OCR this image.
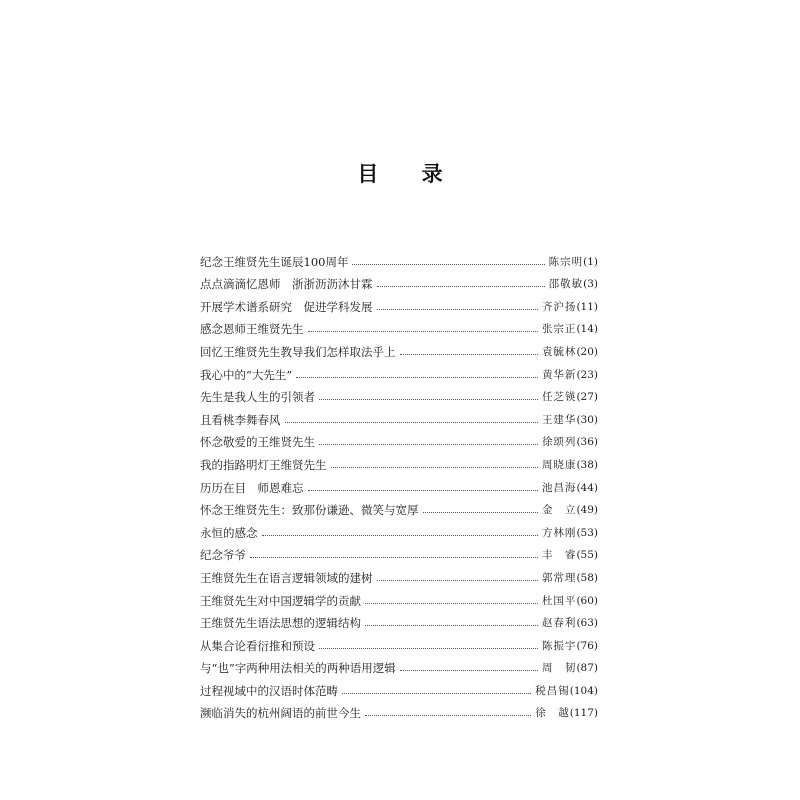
目 录
纪念王维贤先生诞辰100周年	陈宗明 (1)
点点滴滴忆恩师　浙浙沥沥沐甘霖	邵敬敏 (3)
开展学术谱系研究　促进学科发展	齐沪扬 (11)
感念恩师王维贤先生	张宗正 (14)
回忆王维贤先生教导我们怎样取法乎上	袁毓林 (20)
我心中的“大先生”	黄华新 (23)
先生是我人生的引领者	任芝锳 (27)
且看桃李舞春风	王建华 (30)
怀念敬爱的王维贤先生	徐颂列 (36)
我的指路明灯王维贤先生	周晓康 (38)
历历在目　师恩难忘	池昌海 (44)
怀念王维贤先生：致那份谦逊、微笑与宽厚	金　立 (49)
永恒的感念	方林刚 (53)
纪念爷爷	丰　睿 (55)
王维贤先生在语言逻辑领域的建树	郭常理 (58)
王维贤先生对中国逻辑学的贡献	杜国平 (60)
王维贤先生语法思想的逻辑结构	赵春利 (63)
从集合论看衍推和预设	陈振宇 (76)
与“也”字两种用法相关的两种语用逻辑	周　韧 (87)
过程视域中的汉语时体范畴	税昌锡 (104)
濒临消失的杭州阔语的前世今生	徐　越 (117)
